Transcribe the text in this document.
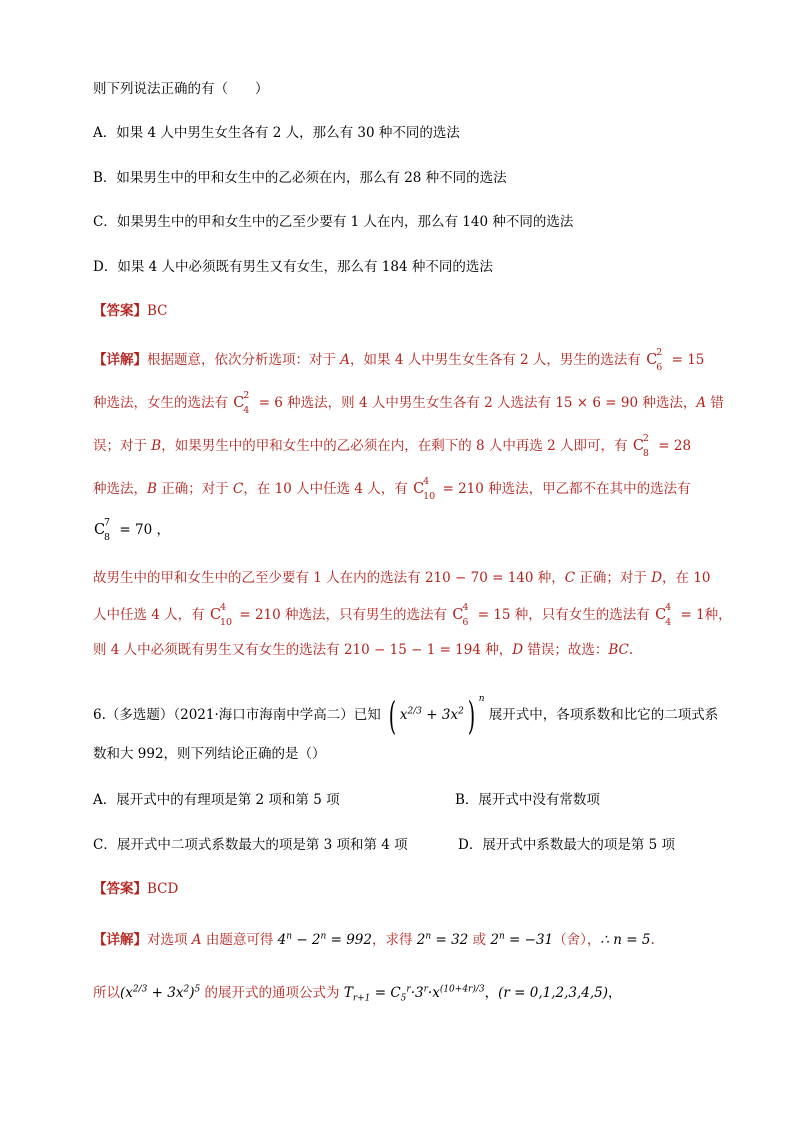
则下列说法正确的有（　　）
A．如果 4 人中男生女生各有 2 人，那么有 30 种不同的选法
B．如果男生中的甲和女生中的乙必须在内，那么有 28 种不同的选法
C．如果男生中的甲和女生中的乙至少要有 1 人在内，那么有 140 种不同的选法
D．如果 4 人中必须既有男生又有女生，那么有 184 种不同的选法
【答案】BC
【详解】根据题意，依次分析选项：对于 A，如果 4 人中男生女生各有 2 人，男生的选法有 C
2
6 = 15
种选法，女生的选法有 C
2
4 = 6 种选法，则 4 人中男生女生各有 2 人选法有 15 × 6 = 90 种选法，A 错
误；对于 B，如果男生中的甲和女生中的乙必须在内，在剩下的 8 人中再选 2 人即可，有 C
2
8 = 28
种选法，B 正确；对于 C，在 10 人中任选 4 人，有 C
4
10 = 210 种选法，甲乙都不在其中的选法有
C
7
8 = 70 ，
故男生中的甲和女生中的乙至少要有 1 人在内的选法有 210 − 70 = 140 种，C 正确；对于 D，在 10
人中任选 4 人，有 C
4
10 = 210 种选法，只有男生的选法有 C
4
6 = 15 种，只有女生的选法有 C
4
4 = 1种，
则 4 人中必须既有男生又有女生的选法有 210 − 15 − 1 = 194 种，D 错误；故选：BC.
6.（多选题）（2021·海口市海南中学高二）已知 ( $x^{2/3} + 3x^2$) $^n$ 展开式中，各项系数和比它的二项式系
数和大 992，则下列结论正确的是（）
A．展开式中的有理项是第 2 项和第 5 项	B．展开式中没有常数项
C．展开式中二项式系数最大的项是第 3 项和第 4 项	D．展开式中系数最大的项是第 5 项
【答案】BCD
【详解】对选项 A 由题意可得 $4^n - 2^n = 992$，求得 $2^n = 32$ 或 $2^n = -31$（舍），∴ n = 5.
所以$(x^{2/3} + 3x^2)^5$ 的展开式的通项公式为 $T_{r+1} = C_5^r\cdot 3^r\cdot x^{(10+4r)/3}$，(r = 0,1,2,3,4,5)，
